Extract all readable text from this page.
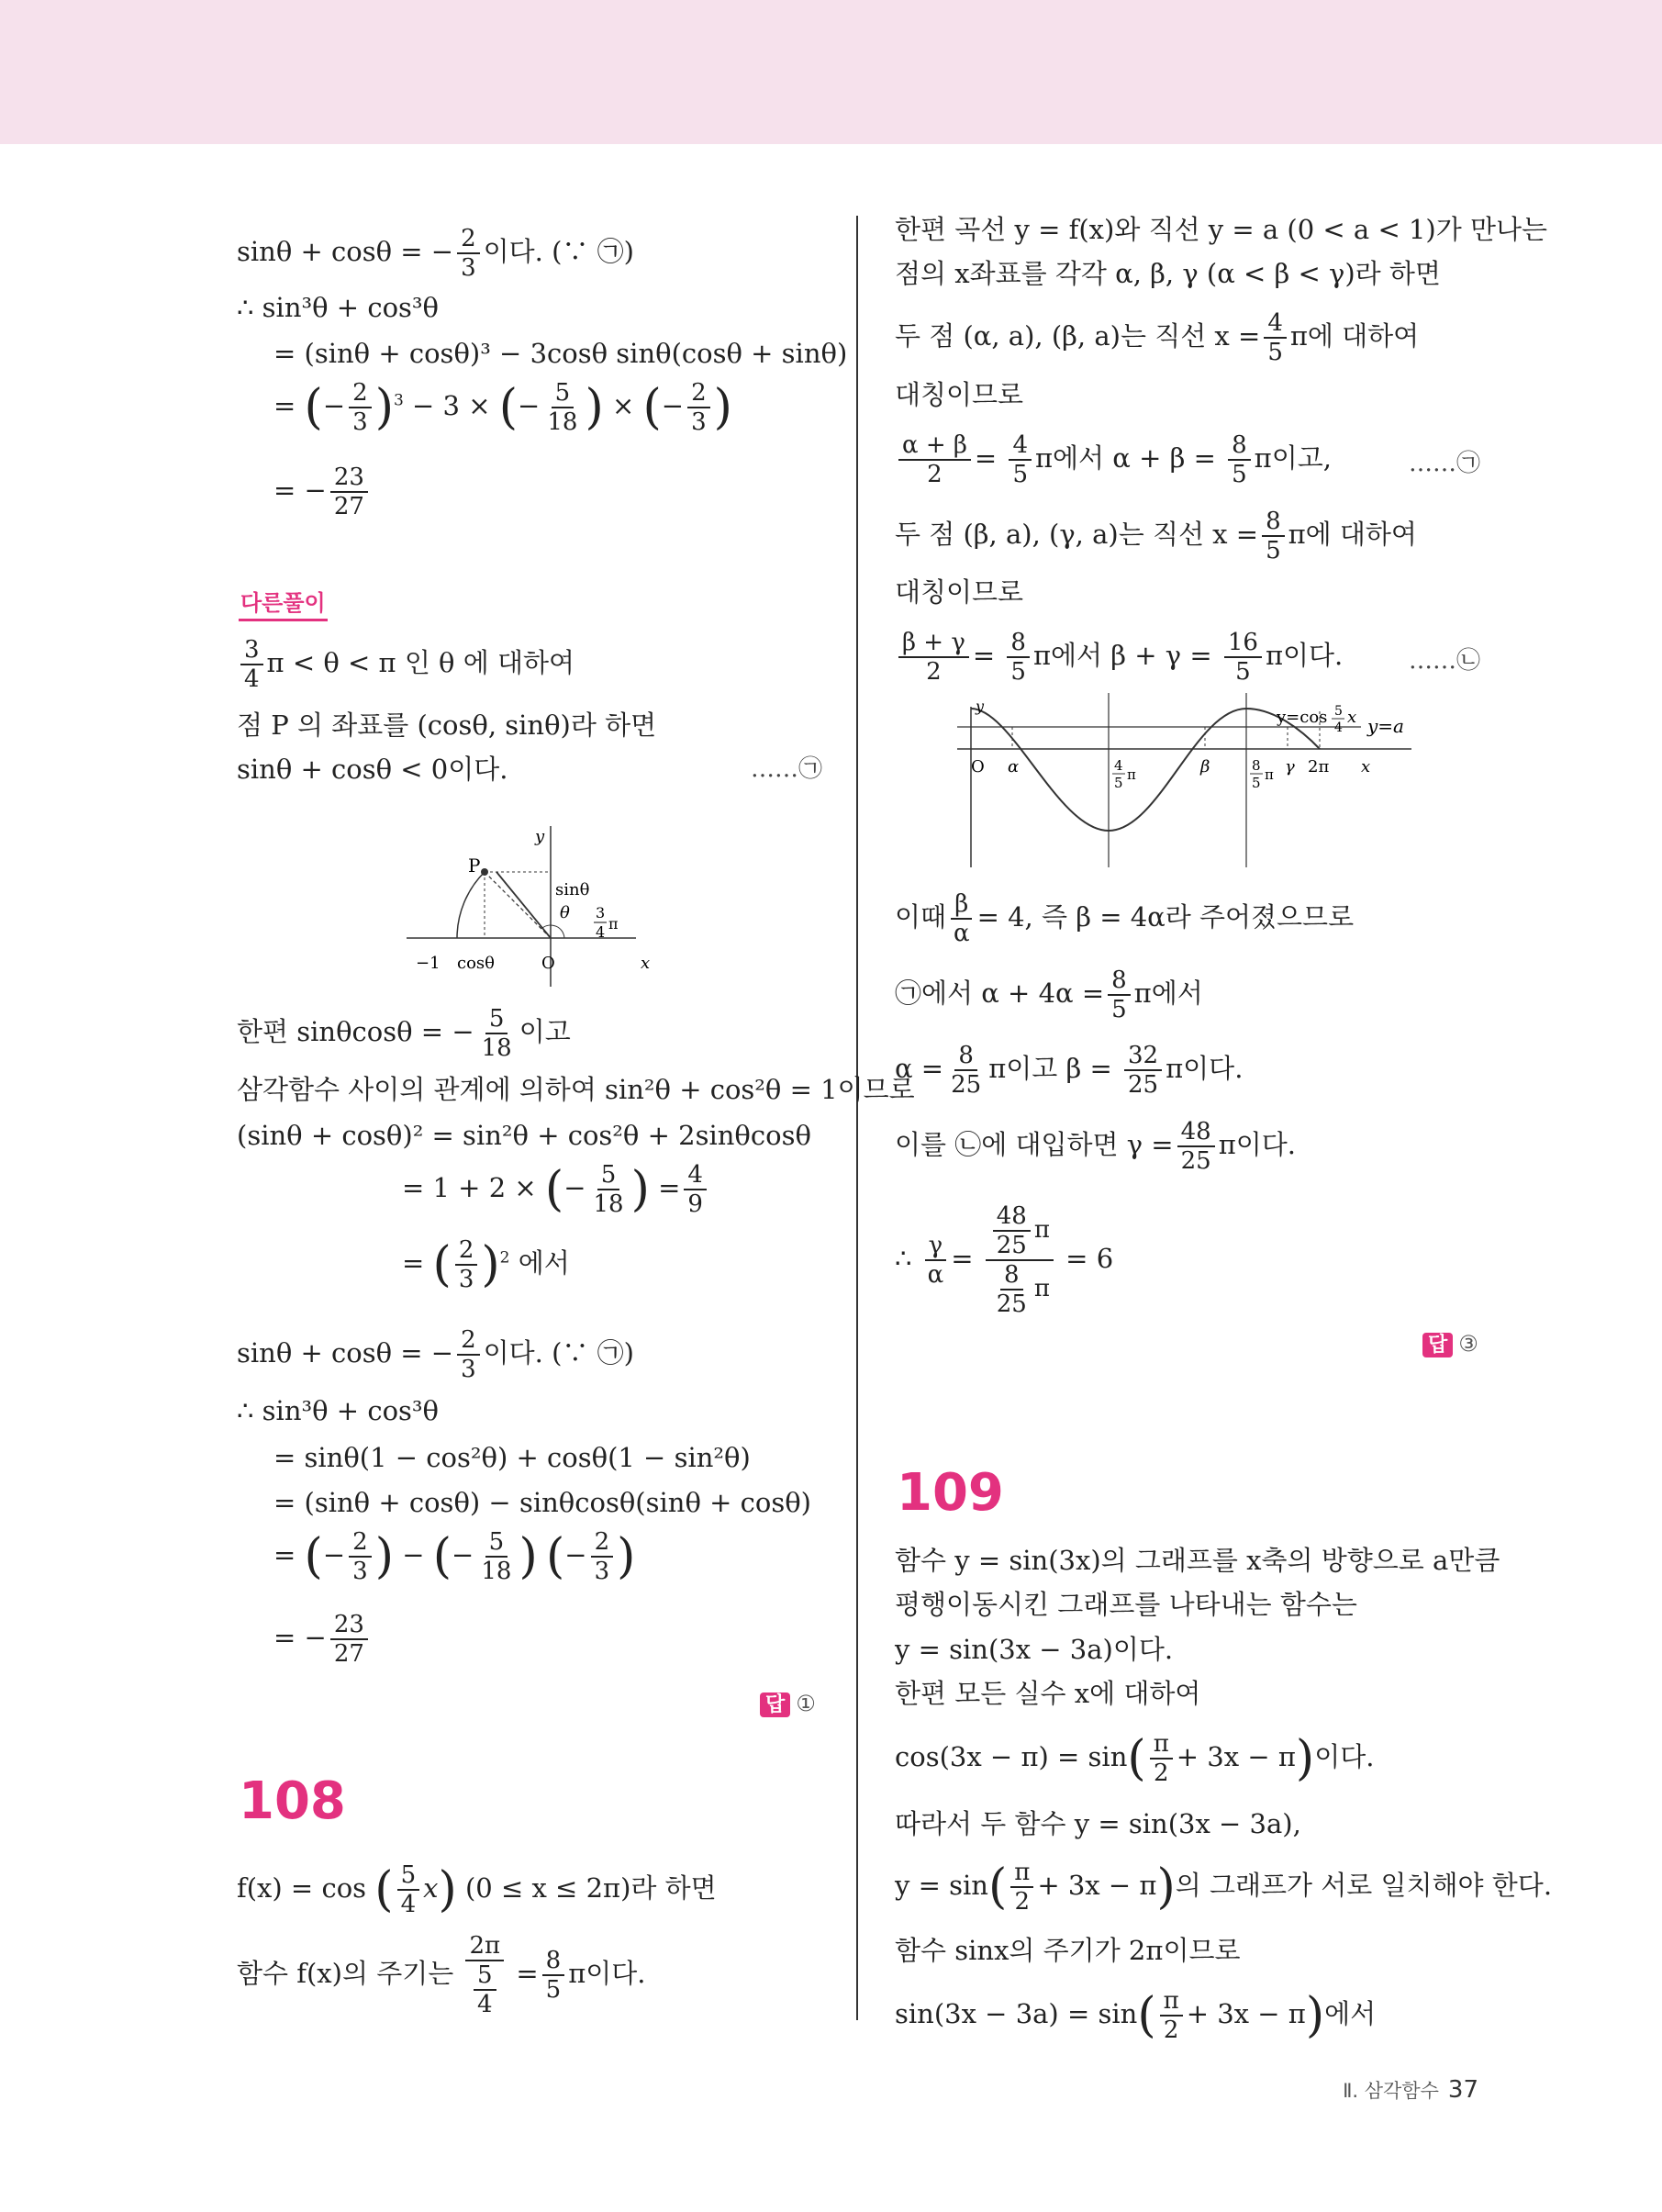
sinθ + cosθ = − $\frac{2}{3}$ 이다. (∵ ㉠)
∴ sin³θ + cos³θ
= (sinθ + cosθ)³ − 3cosθ sinθ(cosθ + sinθ)
= (− $\frac{2}{3} )^3 - 3$ × (− $\frac{5}{18}$ ) × (− $\frac{2}{3}$ )
= − $\frac{23}{27}$
다른풀이
$\frac{3}{4}$ π < θ < π 인 θ 에 대하여
점 P 의 좌표를 (cosθ, sinθ)라 하면
sinθ + cosθ < 0이다.	……㉠
y
x
O
P
sinθ
θ 3
4 π
−1 cosθ
한편 sinθcosθ = − $\frac{5}{18}$ 이고
삼각함수 사이의 관계에 의하여 sin²θ + cos²θ = 1이므로
(sinθ + cosθ)² = sin²θ + cos²θ + 2sinθcosθ
= 1 + 2 × (− $\frac{5}{18}$ ) = $\frac{4}{9}$
= ( $\frac{2}{3} )^2$ 에서
sinθ + cosθ = − $\frac{2}{3}$ 이다. (∵ ㉠)
∴ sin³θ + cos³θ
= sinθ(1 − cos²θ) + cosθ(1 − sin²θ)
= (sinθ + cosθ) − sinθcosθ(sinθ + cosθ)
= (− $\frac{2}{3}$ ) − (− $\frac{5}{18}$ ) (− $\frac{2}{3}$ )
= − $\frac{23}{27}$
답 ①
108
f(x) = cos ( $\frac{5}{4} x$) (0 ≤ x ≤ 2π)라 하면
함수 f(x)의 주기는 $\frac{2\pi}{\frac{5}{4}} = \frac{8}{5}$ π이다.
한편 곡선 y = f(x)와 직선 y = a (0 < a < 1)가 만나는
점의 x좌표를 각각 α, β, γ (α < β < γ)라 하면
두 점 (α, a), (β, a)는 직선 $x = \frac{4}{5}$ π에 대하여
대칭이므로
$\frac{\alpha + \beta}{2} = \frac{4}{5}$ π에서 $\alpha + \beta = \frac{8}{5}$ π이고,	……㉠
두 점 (β, a), (γ, a)는 직선 $x = \frac{8}{5}$ π에 대하여
대칭이므로
$\frac{\beta + \gamma}{2} = \frac{8}{5}$ π에서 $\beta + \gamma = \frac{16}{5}$ π이다.	……㉡
y
x
O
y=cos 5
4
x y=a
α	β	γ 2π
4
5 π
8
5 π
이때 $\frac{\beta}{\alpha} = 4$, 즉 β = 4α라 주어졌으므로
㉠에서 $\alpha + 4\alpha = \frac{8}{5}$ π에서
$\alpha = \frac{8}{25}$ π이고 $\beta = \frac{32}{25}$ π이다.
이를 ㉡에 대입하면 $\gamma = \frac{48}{25}$ π이다.
∴ $\frac{\gamma}{\alpha} = \frac{\frac{48}{25} \pi}{\frac{8}{25} \pi} = 6$
답 ③
109
함수 y = sin(3x)의 그래프를 x축의 방향으로 a만큼
평행이동시킨 그래프를 나타내는 함수는
y = sin(3x − 3a)이다.
한편 모든 실수 x에 대하여
$\cos(3x - \pi) = \sin( \frac{\pi}{2} + 3x - \pi)$이다.
따라서 두 함수 y = sin(3x − 3a),
$y = \sin( \frac{\pi}{2} + 3x - \pi)$의 그래프가 서로 일치해야 한다.
함수 sinx의 주기가 2π이므로
$\sin(3x - 3a) = \sin( \frac{\pi}{2} + 3x - \pi)$에서
Ⅱ. 삼각함수 37
